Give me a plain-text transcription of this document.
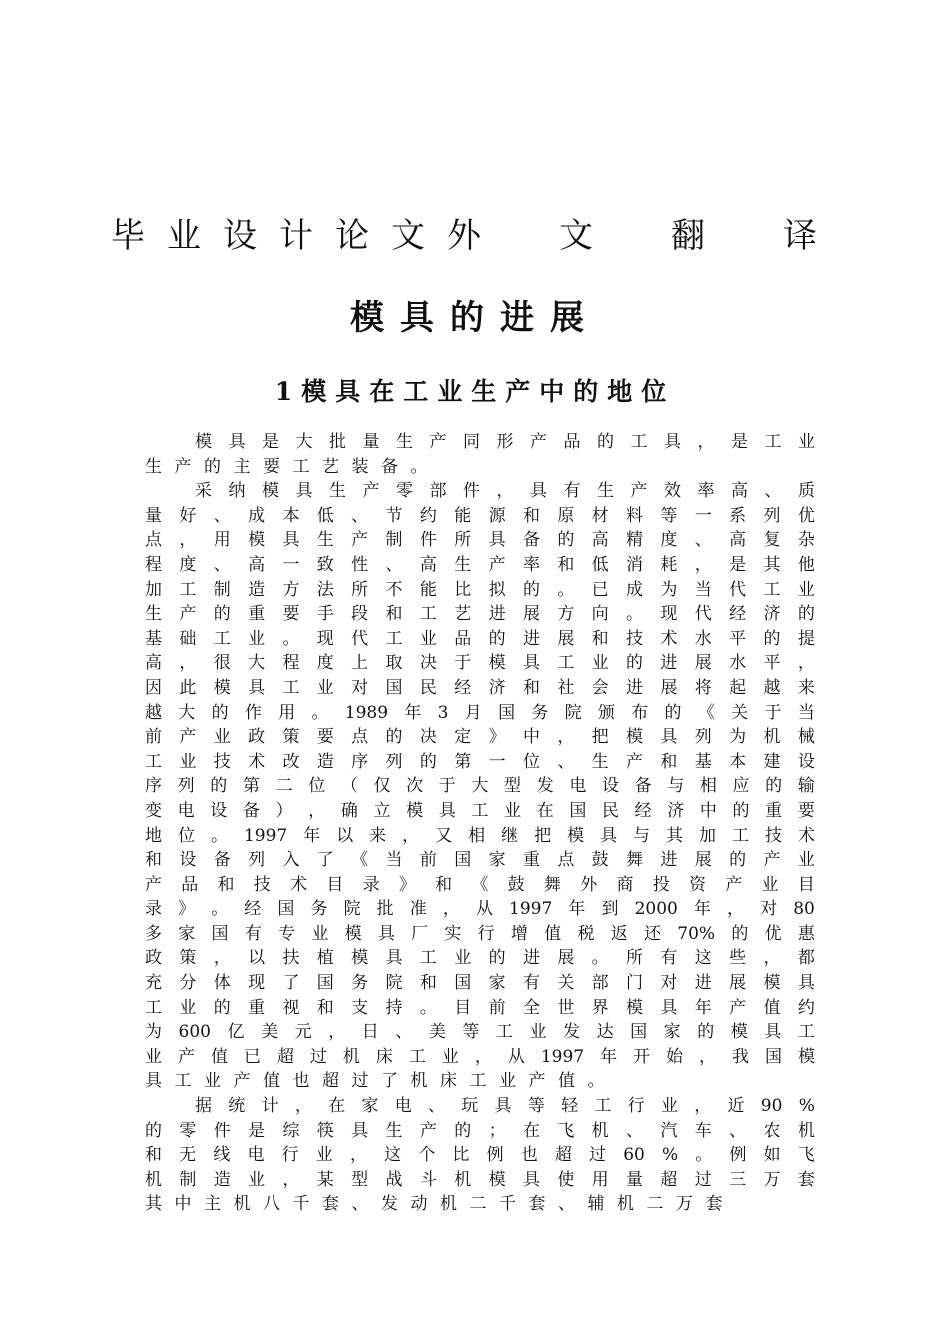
毕业设计论文外　文　翻　译
模具的进展
1模具在工业生产中的地位
模 具 是 大 批 量 生 产 同 形 产 品 的 工 具 ， 是 工 业
生 产 的 主 要 工 艺 装 备 。
采 纳 模 具 生 产 零 部 件 ， 具 有 生 产 效 率 高 、 质
量 好 、 成 本 低 、 节 约 能 源 和 原 材 料 等 一 系 列 优
点 ， 用 模 具 生 产 制 件 所 具 备 的 高 精 度 、 高 复 杂
程 度 、 高 一 致 性 、 高 生 产 率 和 低 消 耗 ， 是 其 他
加 工 制 造 方 法 所 不 能 比 拟 的 。 已 成 为 当 代 工 业
生 产 的 重 要 手 段 和 工 艺 进 展 方 向 。 现 代 经 济 的
基 础 工 业 。 现 代 工 业 品 的 进 展 和 技 术 水 平 的 提
高 ， 很 大 程 度 上 取 决 于 模 具 工 业 的 进 展 水 平 ，
因 此 模 具 工 业 对 国 民 经 济 和 社 会 进 展 将 起 越 来
越 大 的 作 用 。 1989 年 3 月 国 务 院 颁 布 的 《 关 于 当
前 产 业 政 策 要 点 的 决 定 》 中 ， 把 模 具 列 为 机 械
工 业 技 术 改 造 序 列 的 第 一 位 、 生 产 和 基 本 建 设
序 列 的 第 二 位 （ 仅 次 于 大 型 发 电 设 备 与 相 应 的 输
变 电 设 备 ） ， 确 立 模 具 工 业 在 国 民 经 济 中 的 重 要
地 位 。 1997 年 以 来 ， 又 相 继 把 模 具 与 其 加 工 技 术
和 设 备 列 入 了 《 当 前 国 家 重 点 鼓 舞 进 展 的 产 业
产 品 和 技 术 目 录 》 和 《 鼓 舞 外 商 投 资 产 业 目
录 》 。 经 国 务 院 批 准 ， 从 1997 年 到 2000 年 ， 对 80
多 家 国 有 专 业 模 具 厂 实 行 增 值 税 返 还 70% 的 优 惠
政 策 ， 以 扶 植 模 具 工 业 的 进 展 。 所 有 这 些 ， 都
充 分 体 现 了 国 务 院 和 国 家 有 关 部 门 对 进 展 模 具
工 业 的 重 视 和 支 持 。 目 前 全 世 界 模 具 年 产 值 约
为 600 亿 美 元 ， 日 、 美 等 工 业 发 达 国 家 的 模 具 工
业 产 值 已 超 过 机 床 工 业 ， 从 1997 年 开 始 ， 我 国 模
具 工 业 产 值 也 超 过 了 机 床 工 业 产 值 。
据 统 计 ， 在 家 电 、 玩 具 等 轻 工 行 业 ， 近 90 %
的 零 件 是 综 筷 具 生 产 的 ； 在 飞 机 、 汽 车 、 农 机
和 无 线 电 行 业 ， 这 个 比 例 也 超 过 60 % 。 例 如 飞
机 制 造 业 ， 某 型 战 斗 机 模 具 使 用 量 超 过 三 万 套
其 中 主 机 八 千 套 、 发 动 机 二 千 套 、 辅 机 二 万 套
